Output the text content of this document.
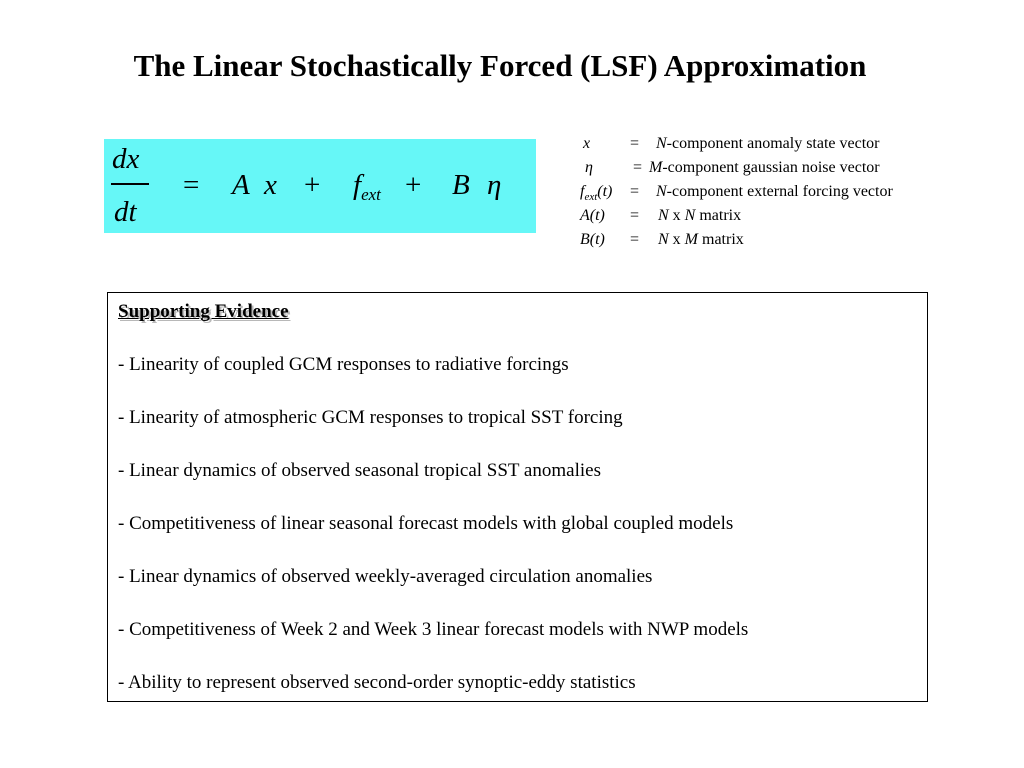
The Linear Stochastically Forced (LSF) Approximation
dx
dt
= A $x + f_{ext} + B$ η
x = N-component anomaly state vector
η	= M-component gaussian noise vector
$f_{ext}(t)$ = N-component external forcing vector
A(t) = N x N matrix
B(t) = N x M matrix
Supporting Evidence
- Linearity of coupled GCM responses to radiative forcings
- Linearity of atmospheric GCM responses to tropical SST forcing
- Linear dynamics of observed seasonal tropical SST anomalies
- Competitiveness of linear seasonal forecast models with global coupled models
- Linear dynamics of observed weekly-averaged circulation anomalies
- Competitiveness of Week 2 and Week 3 linear forecast models with NWP models
- Ability to represent observed second-order synoptic-eddy statistics
